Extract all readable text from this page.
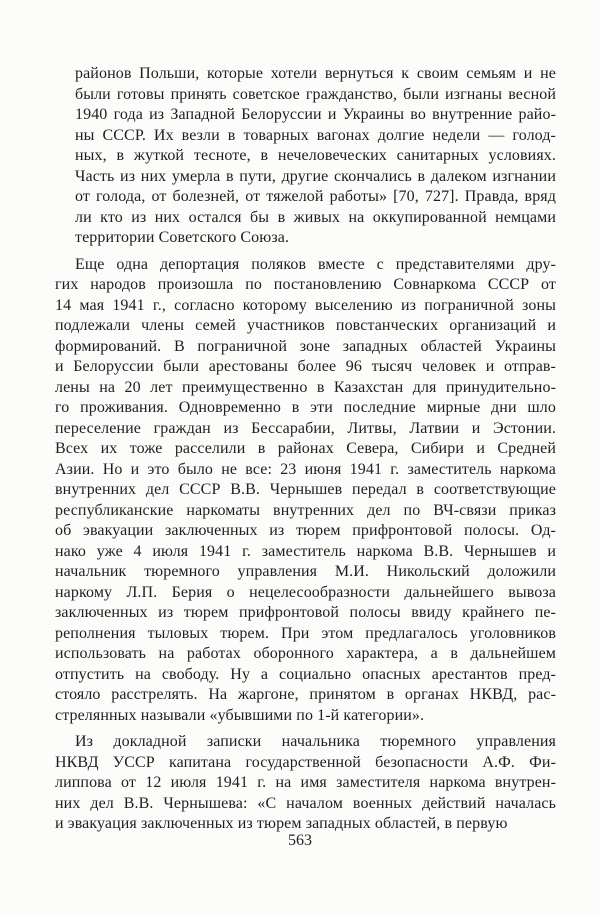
районов Польши, которые хотели вернуться к своим семьям и не
были готовы принять советское гражданство, были изгнаны весной
1940 года из Западной Белоруссии и Украины во внутренние райо-
ны СССР. Их везли в товарных вагонах долгие недели — голод-
ных, в жуткой тесноте, в нечеловеческих санитарных условиях.
Часть из них умерла в пути, другие скончались в далеком изгнании
от голода, от болезней, от тяжелой работы» [70, 727]. Правда, вряд
ли кто из них остался бы в живых на оккупированной немцами
территории Советского Союза.
Еще одна депортация поляков вместе с представителями дру-
гих народов произошла по постановлению Совнаркома СССР от
14 мая 1941 г., согласно которому выселению из пограничной зоны
подлежали члены семей участников повстанческих организаций и
формирований. В пограничной зоне западных областей Украины
и Белоруссии были арестованы более 96 тысяч человек и отправ-
лены на 20 лет преимущественно в Казахстан для принудительно-
го проживания. Одновременно в эти последние мирные дни шло
переселение граждан из Бессарабии, Литвы, Латвии и Эстонии.
Всех их тоже расселили в районах Севера, Сибири и Средней
Азии. Но и это было не все: 23 июня 1941 г. заместитель наркома
внутренних дел СССР В.В. Чернышев передал в соответствующие
республиканские наркоматы внутренних дел по ВЧ-связи приказ
об эвакуации заключенных из тюрем прифронтовой полосы. Од-
нако уже 4 июля 1941 г. заместитель наркома В.В. Чернышев и
начальник тюремного управления М.И. Никольский доложили
наркому Л.П. Берия о нецелесообразности дальнейшего вывоза
заключенных из тюрем прифронтовой полосы ввиду крайнего пе-
реполнения тыловых тюрем. При этом предлагалось уголовников
использовать на работах оборонного характера, а в дальнейшем
отпустить на свободу. Ну а социально опасных арестантов пред-
стояло расстрелять. На жаргоне, принятом в органах НКВД, рас-
стрелянных называли «убывшими по 1-й категории».
Из докладной записки начальника тюремного управления
НКВД УССР капитана государственной безопасности А.Ф. Фи-
липпова от 12 июля 1941 г. на имя заместителя наркома внутрен-
них дел В.В. Чернышева: «С началом военных действий началась
и эвакуация заключенных из тюрем западных областей, в первую
563
